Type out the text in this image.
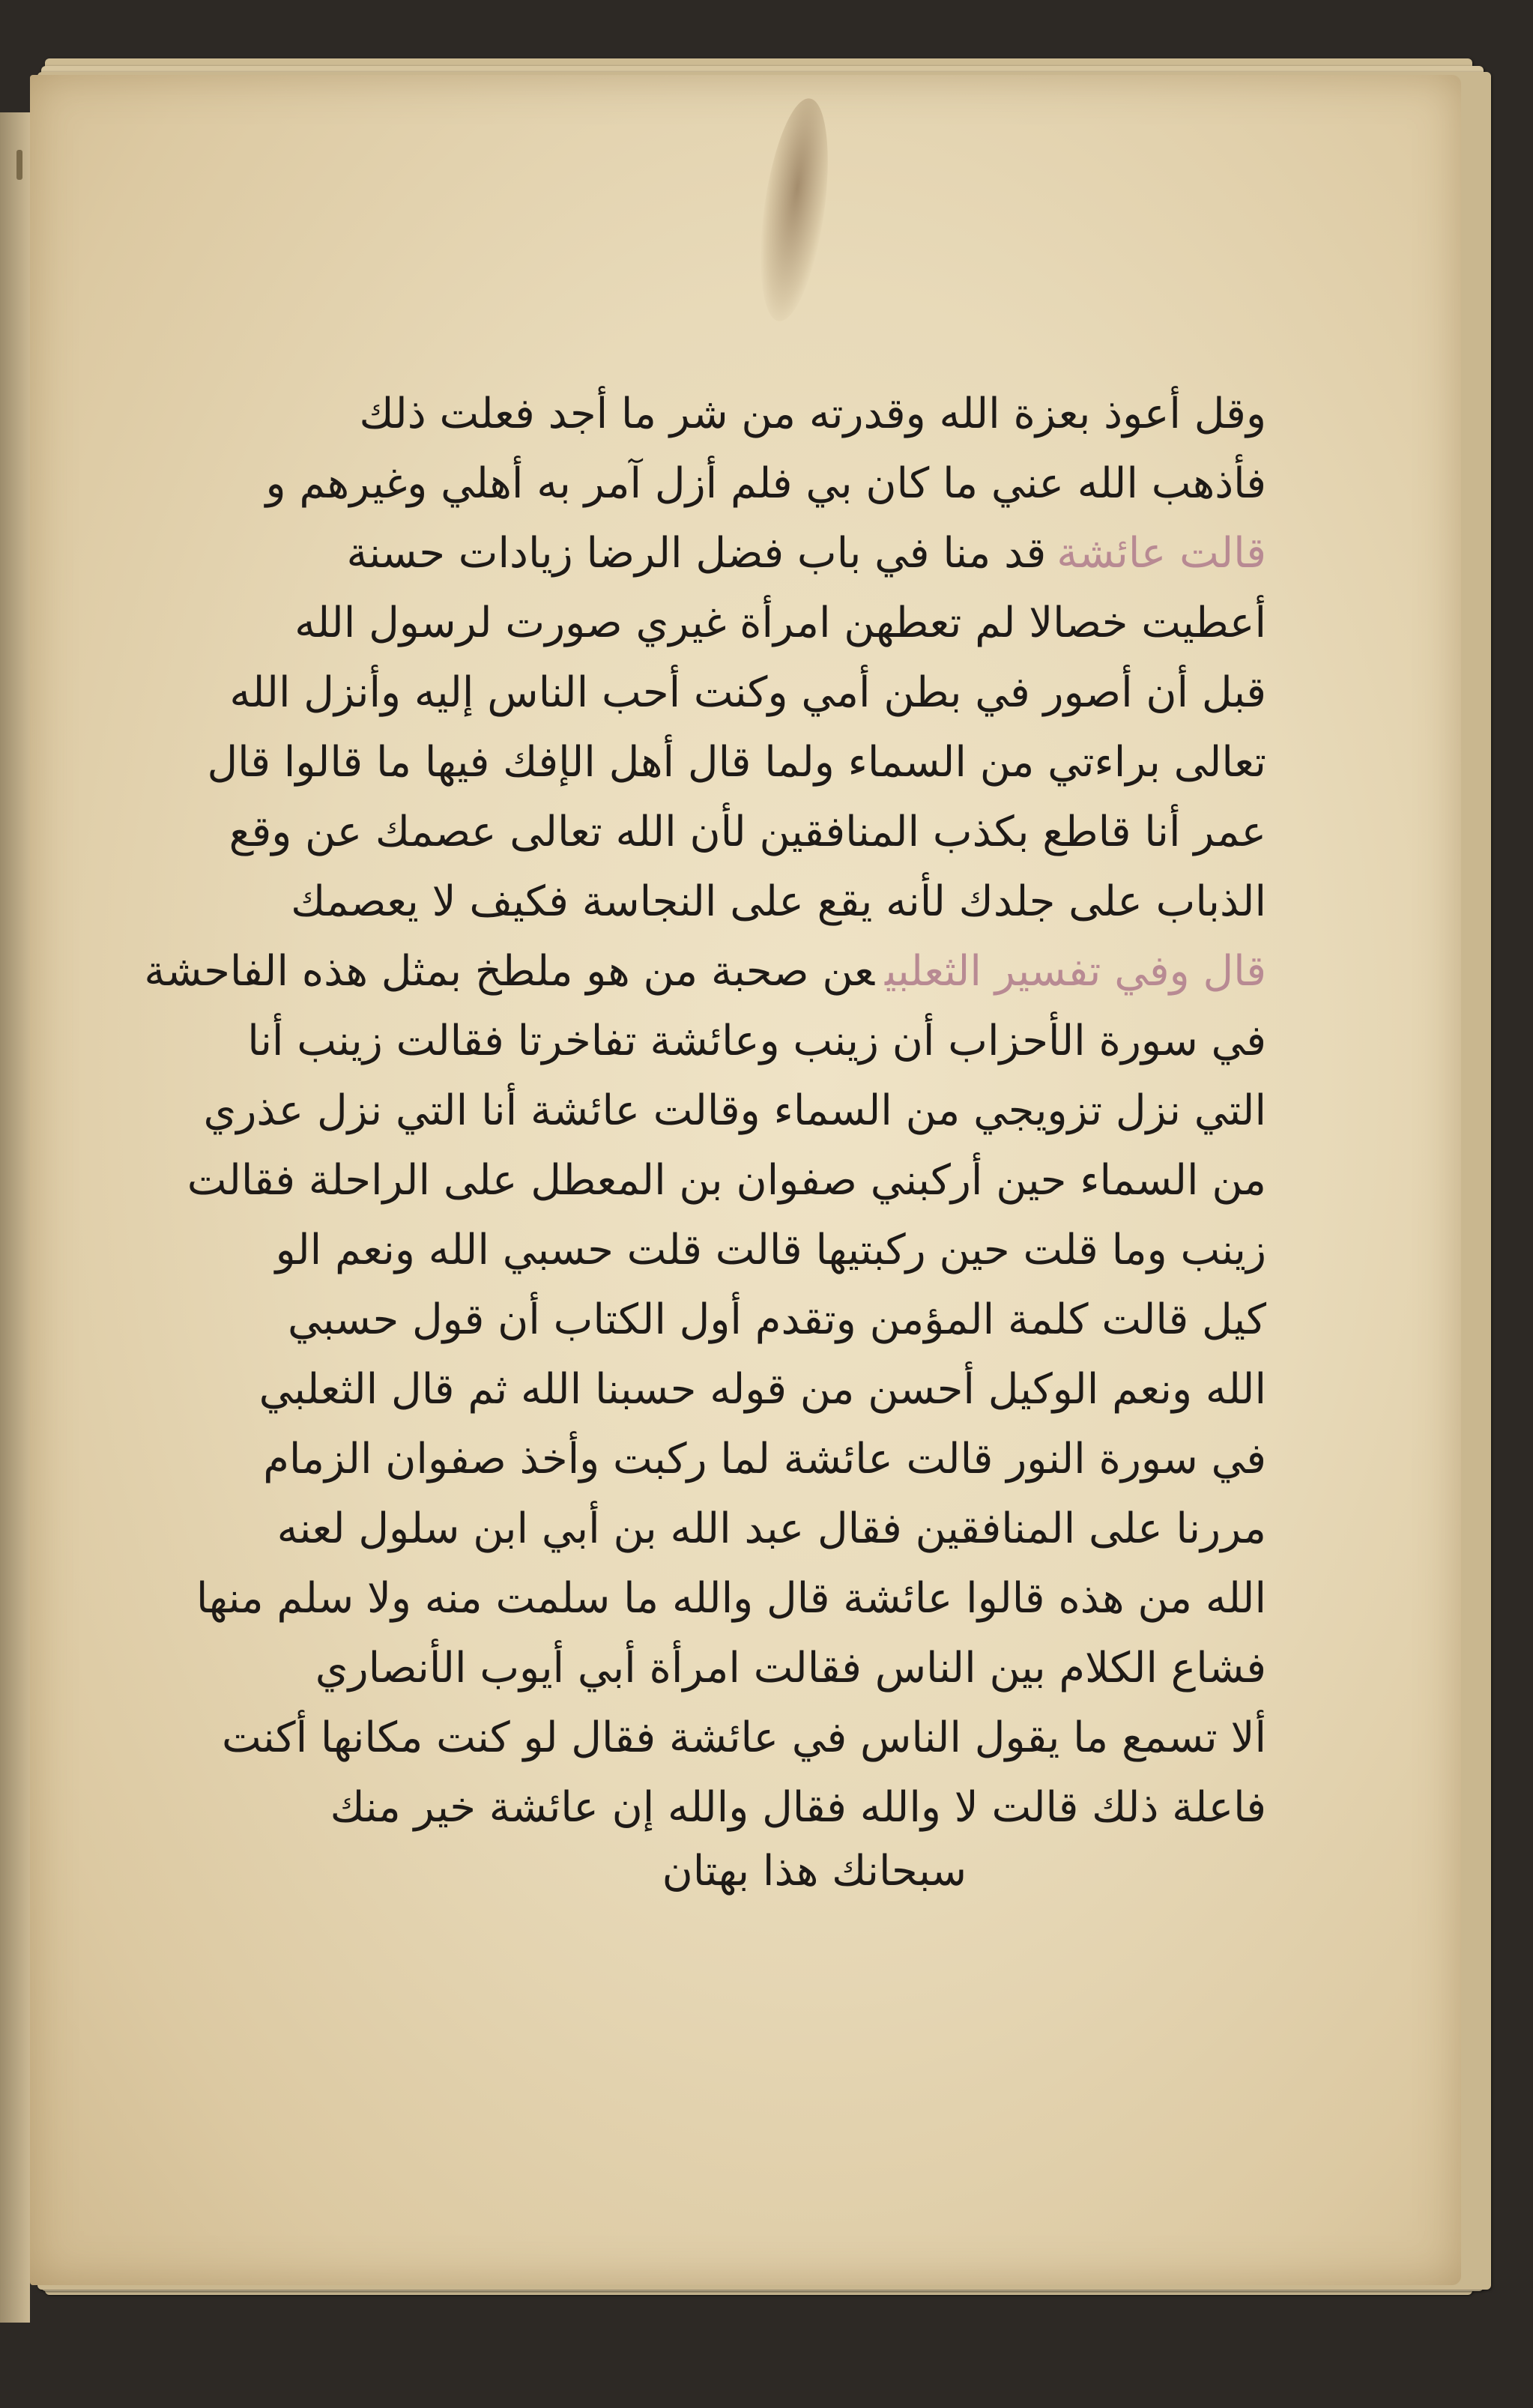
وقل أعوذ بعزة الله وقدرته من شر ما أجد فعلت ذلك
فأذهب الله عني ما كان بي فلم أزل آمر به أهلي وغيرهم و
قالت عائشةقد منا في باب فضل الرضا زيادات حسنة
أعطيت خصالا لم تعطهن امرأة غيري صورت لرسول الله
قبل أن أصور في بطن أمي وكنت أحب الناس إليه وأنزل الله
تعالى براءتي من السماء ولما قال أهل الإفك فيها ما قالوا قال
عمر أنا قاطع بكذب المنافقين لأن الله تعالى عصمك عن وقع
الذباب على جلدك لأنه يقع على النجاسة فكيف لا يعصمك
قال وفي تفسير الثعلبيعن صحبة من هو ملطخ بمثل هذه الفاحشة
في سورة الأحزاب أن زينب وعائشة تفاخرتا فقالت زينب أنا
التي نزل تزويجي من السماء وقالت عائشة أنا التي نزل عذري
من السماء حين أركبني صفوان بن المعطل على الراحلة فقالت
زينب وما قلت حين ركبتيها قالت قلت حسبي الله ونعم الو
كيل قالت كلمة المؤمن وتقدم أول الكتاب أن قول حسبي
الله ونعم الوكيل أحسن من قوله حسبنا الله ثم قال الثعلبي
في سورة النور قالت عائشة لما ركبت وأخذ صفوان الزمام
مررنا على المنافقين فقال عبد الله بن أبي ابن سلول لعنه
الله من هذه قالوا عائشة قال والله ما سلمت منه ولا سلم منها
فشاع الكلام بين الناس فقالت امرأة أبي أيوب الأنصاري
ألا تسمع ما يقول الناس في عائشة فقال لو كنت مكانها أكنت
فاعلة ذلك قالت لا والله فقال والله إن عائشة خير منك
سبحانك هذا بهتان
